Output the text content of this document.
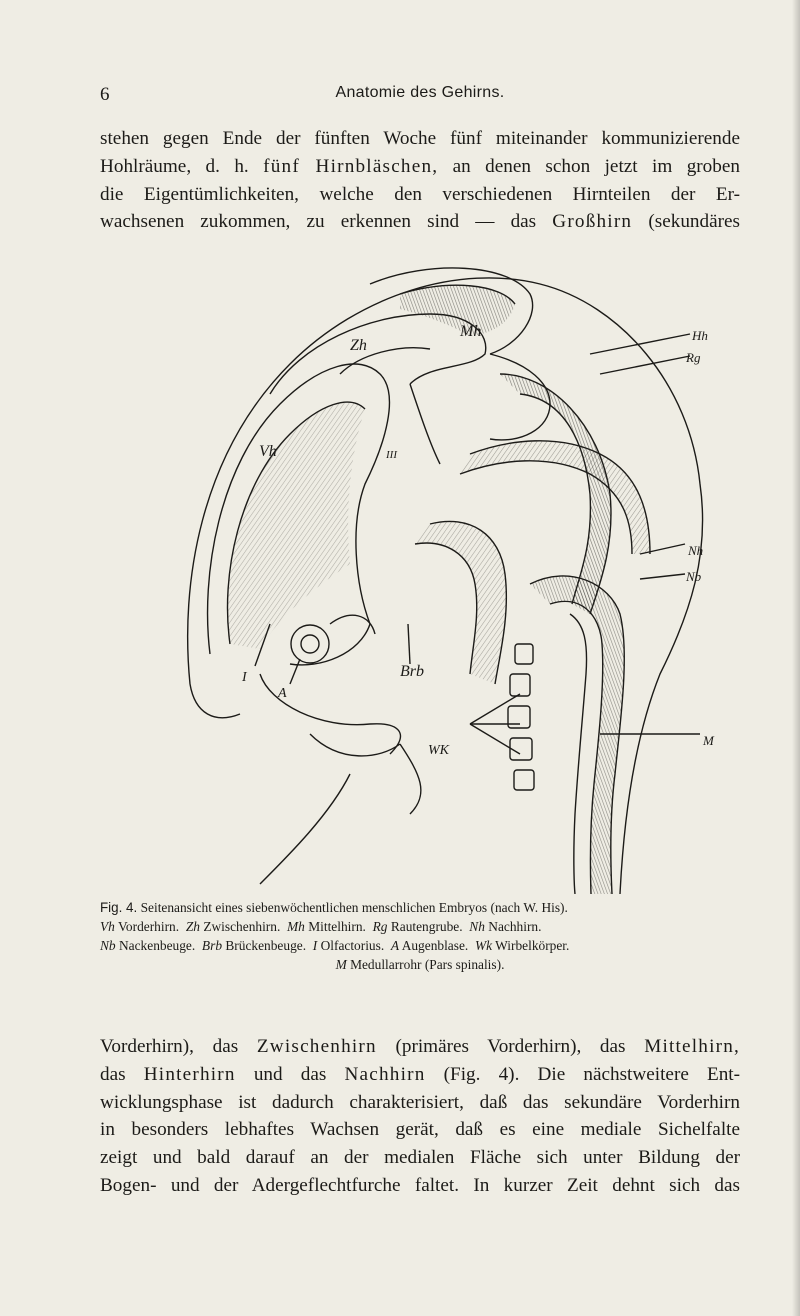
6	Anatomie des Gehirns.

stehen gegen Ende der fünften Woche fünf miteinander kommunizierende
Hohlräume, d. h. fünf Hirnbläschen, an denen schon jetzt im groben
die Eigentümlichkeiten, welche den verschiedenen Hirnteilen der Er-
wachsenen zukommen, zu erkennen sind — das Großhirn (sekundäres

Mh
Zh
Vh	III
Hh
Rg
Nh
Nb
I
A
Brb
M
WK

Fig. 4. Seitenansicht eines siebenwöchentlichen menschlichen Embryos (nach W. His).
Vh Vorderhirn. Zh Zwischenhirn. Mh Mittelhirn. Rg Rautengrube. Nh Nachhirn.
Nb Nackenbeuge. Brb Brückenbeuge. I Olfactorius. A Augenblase. Wk Wirbelkörper.
M Medullarrohr (Pars spinalis).

Vorderhirn), das Zwischenhirn (primäres Vorderhirn), das Mittelhirn,
das Hinterhirn und das Nachhirn (Fig. 4). Die nächstweitere Ent-
wicklungsphase ist dadurch charakterisiert, daß das sekundäre Vorderhirn
in besonders lebhaftes Wachsen gerät, daß es eine mediale Sichelfalte
zeigt und bald darauf an der medialen Fläche sich unter Bildung der
Bogen- und der Adergeflechtfurche faltet. In kurzer Zeit dehnt sich das
